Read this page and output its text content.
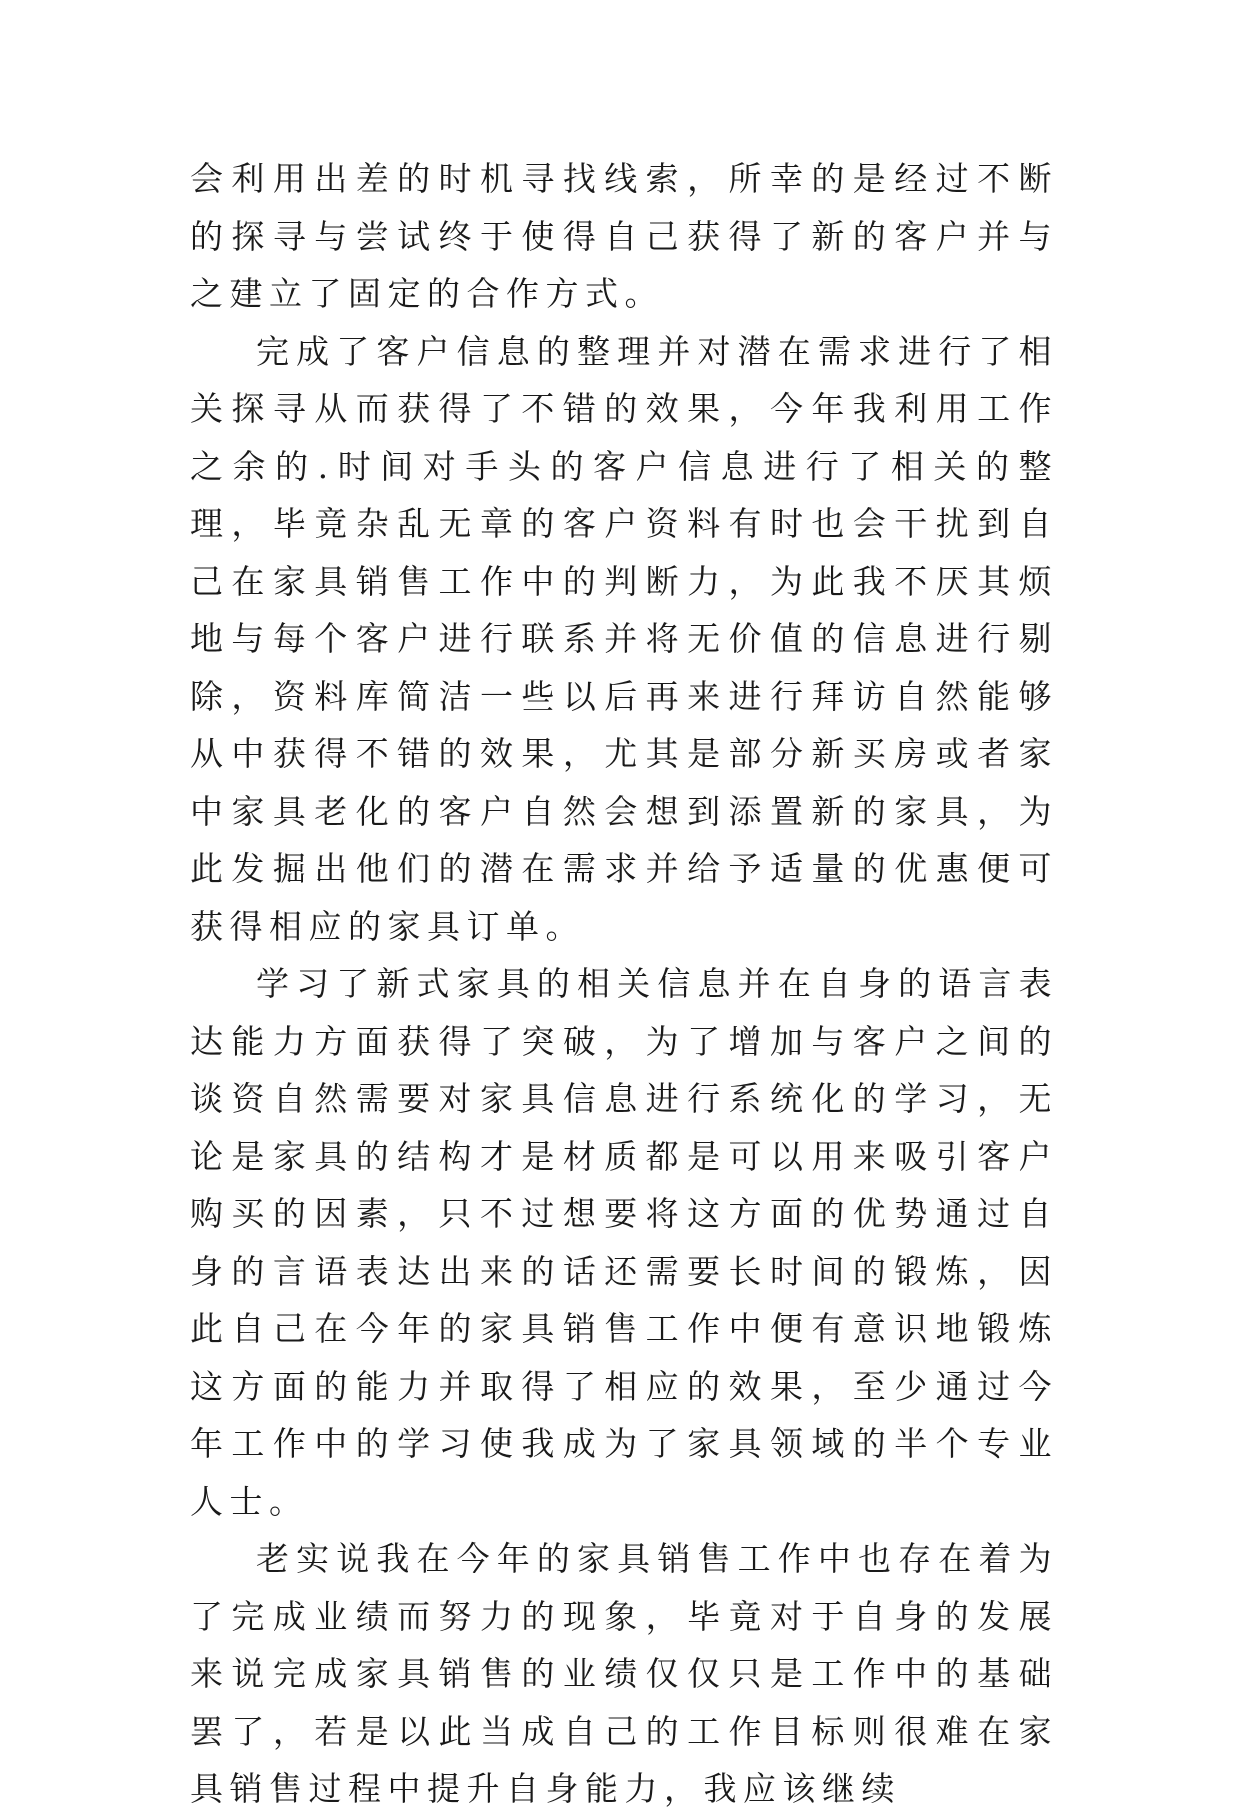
会利用出差的时机寻找线索，所幸的是经过不断的探寻与尝试终于使得自己获得了新的客户并与之建立了固定的合作方式。

完成了客户信息的整理并对潜在需求进行了相关探寻从而获得了不错的效果，今年我利用工作之余的.时间对手头的客户信息进行了相关的整理，毕竟杂乱无章的客户资料有时也会干扰到自己在家具销售工作中的判断力，为此我不厌其烦地与每个客户进行联系并将无价值的信息进行剔除，资料库简洁一些以后再来进行拜访自然能够从中获得不错的效果，尤其是部分新买房或者家中家具老化的客户自然会想到添置新的家具，为此发掘出他们的潜在需求并给予适量的优惠便可获得相应的家具订单。

学习了新式家具的相关信息并在自身的语言表达能力方面获得了突破，为了增加与客户之间的谈资自然需要对家具信息进行系统化的学习，无论是家具的结构才是材质都是可以用来吸引客户购买的因素，只不过想要将这方面的优势通过自身的言语表达出来的话还需要长时间的锻炼，因此自己在今年的家具销售工作中便有意识地锻炼这方面的能力并取得了相应的效果，至少通过今年工作中的学习使我成为了家具领域的半个专业人士。

老实说我在今年的家具销售工作中也存在着为了完成业绩而努力的现象，毕竟对于自身的发展来说完成家具销售的业绩仅仅只是工作中的基础罢了，若是以此当成自己的工作目标则很难在家具销售过程中提升自身能力，我应该继续
